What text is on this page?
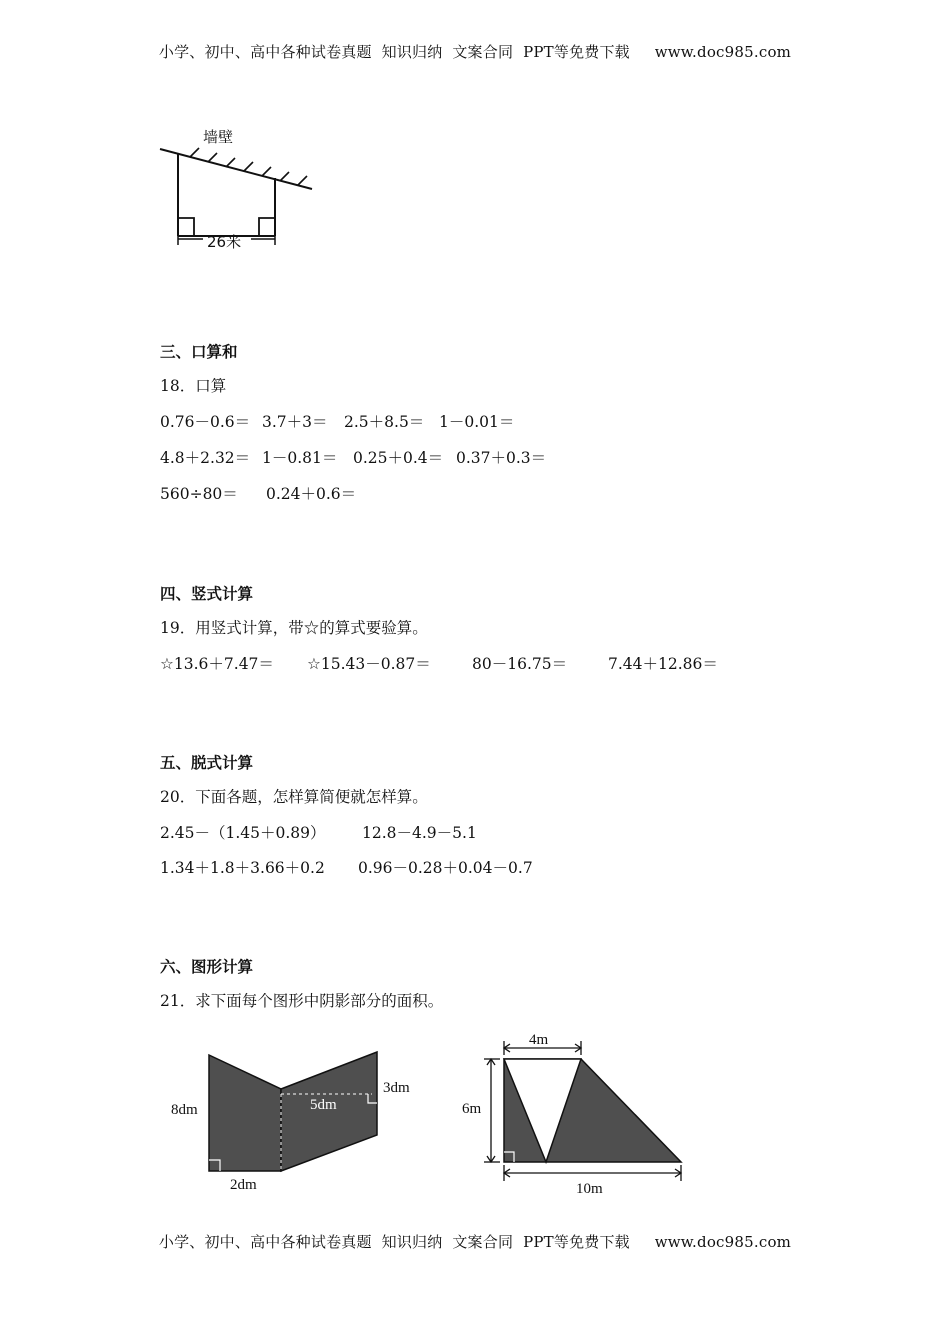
小学、初中、高中各种试卷真题  知识归纳  文案合同  PPT等免费下载     www.doc985.com
墙壁
26米
三、口算和
18．口算
0.76－0.6＝ 3.7＋3＝ 2.5＋8.5＝ 1－0.01＝
4.8＋2.32＝ 1－0.81＝ 0.25＋0.4＝ 0.37＋0.3＝
560÷80＝ 0.24＋0.6＝
四、竖式计算
19．用竖式计算，带☆的算式要验算。
☆13.6＋7.47＝ ☆15.43－0.87＝	80－16.75＝	7.44＋12.86＝
五、脱式计算
20．下面各题，怎样算简便就怎样算。
2.45－（1.45＋0.89） 12.8－4.9－5.1
1.34＋1.8＋3.66＋0.2 0.96－0.28＋0.04－0.7
六、图形计算
21．求下面每个图形中阴影部分的面积。
8dm	5dm
3dm
2dm
4m
6m
10m
小学、初中、高中各种试卷真题  知识归纳  文案合同  PPT等免费下载     www.doc985.com
